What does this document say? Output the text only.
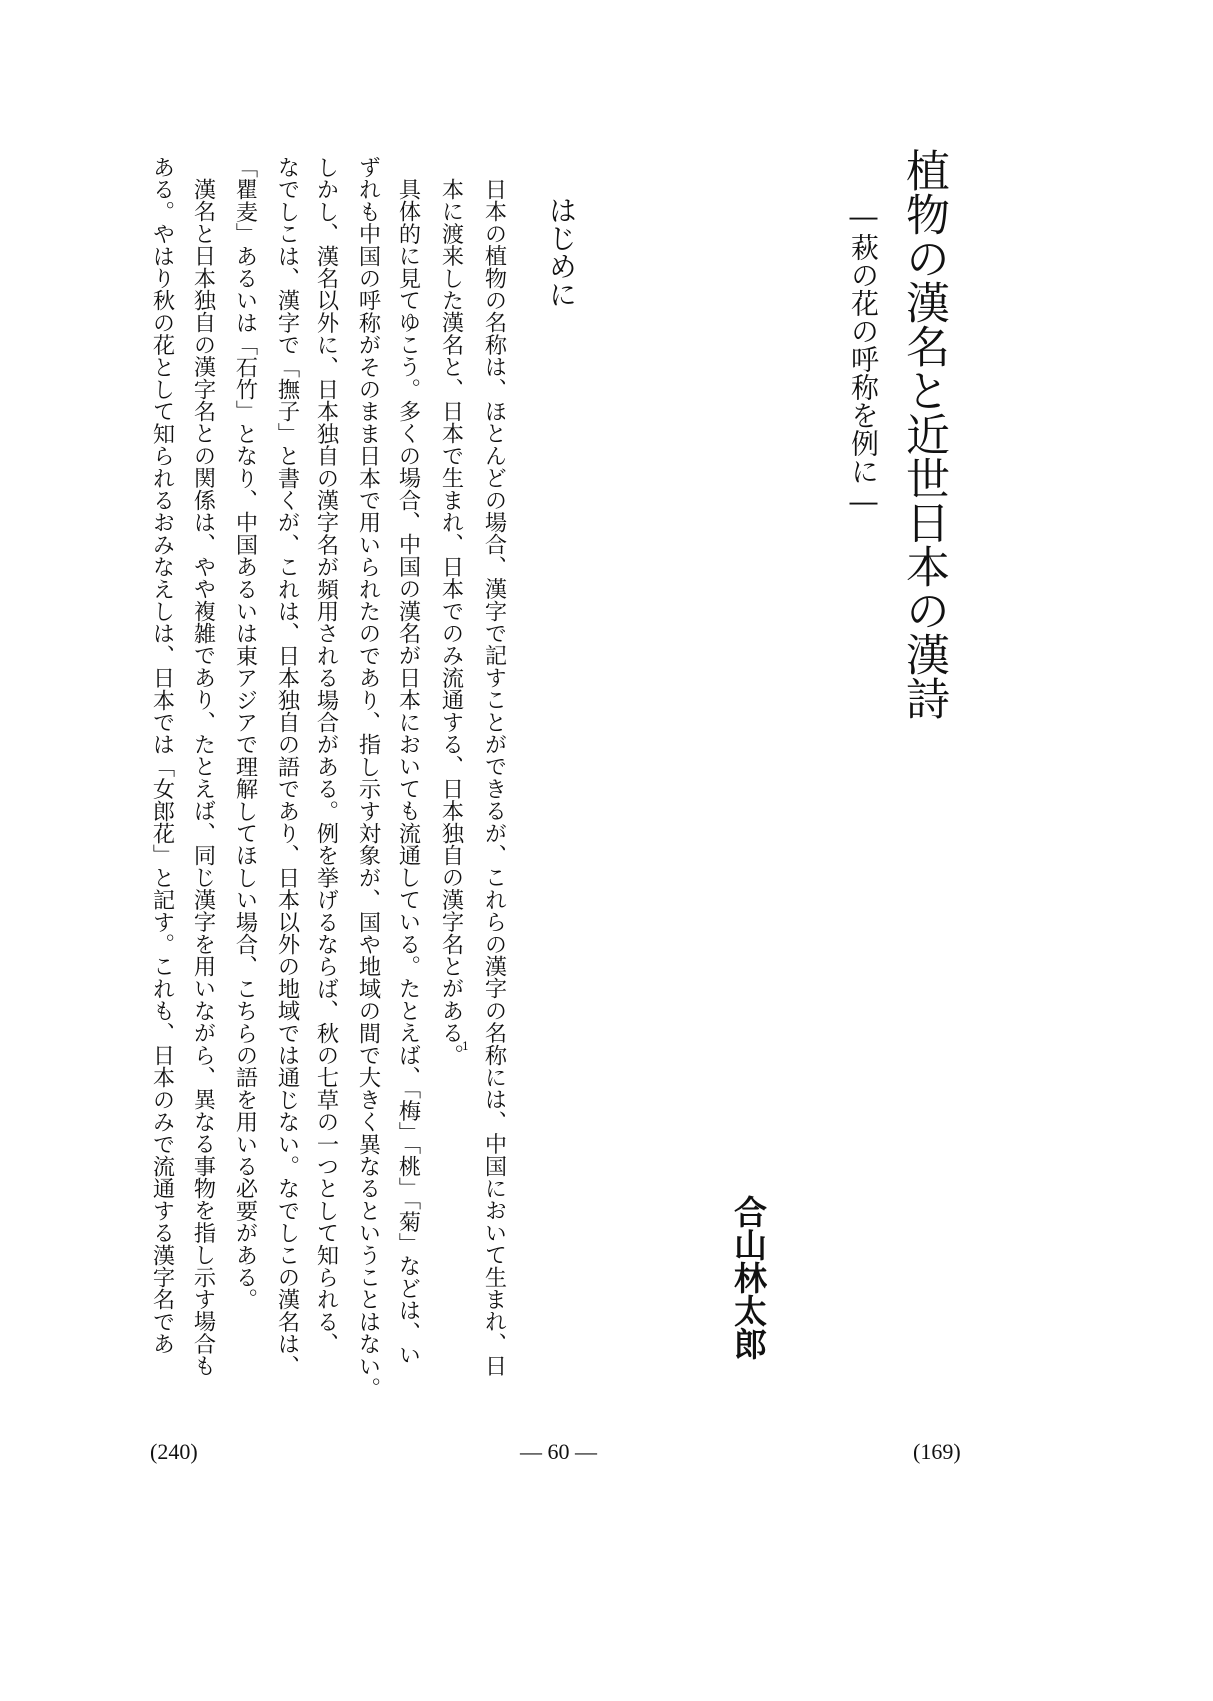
植物の漢名と近世日本の漢詩
―萩の花の呼称を例に―
合山林太郎
はじめに
日本の植物の名称は、ほとんどの場合、漢字で記すことができるが、これらの漢字の名称には、中国において生まれ、日
本に渡来した漢名と、日本で生まれ、日本でのみ流通する、日本独自の漢字名とがある。
1
具体的に見てゆこう。多くの場合、中国の漢名が日本においても流通している。たとえば、「梅」「桃」「菊」などは、い
ずれも中国の呼称がそのまま日本で用いられたのであり、指し示す対象が、国や地域の間で大きく異なるということはない。
しかし、漢名以外に、日本独自の漢字名が頻用される場合がある。例を挙げるならば、秋の七草の一つとして知られる、
なでしこは、漢字で「撫子」と書くが、これは、日本独自の語であり、日本以外の地域では通じない。なでしこの漢名は、
「瞿麦」あるいは「石竹」となり、中国あるいは東アジアで理解してほしい場合、こちらの語を用いる必要がある。
漢名と日本独自の漢字名との関係は、やや複雑であり、たとえば、同じ漢字を用いながら、異なる事物を指し示す場合も
ある。やはり秋の花として知られるおみなえしは、日本では「女郎花」と記す。これも、日本のみで流通する漢字名であ
(240)	— 60 —	(169)
